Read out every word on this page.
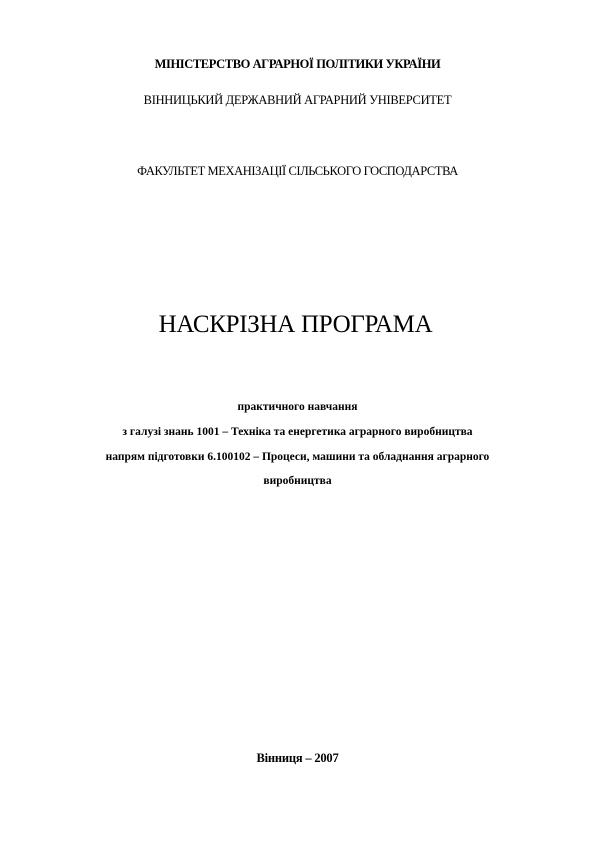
МІНІСТЕРСТВО АГРАРНОЇ ПОЛІТИКИ УКРАЇНИ
ВІННИЦЬКИЙ ДЕРЖАВНИЙ АГРАРНИЙ УНІВЕРСИТЕТ
ФАКУЛЬТЕТ МЕХАНІЗАЦІЇ СІЛЬСЬКОГО ГОСПОДАРСТВА
НАСКРІЗНА ПРОГРАМА
практичного навчання
з галузі знань 1001 – Техніка та енергетика аграрного виробництва
напрям підготовки 6.100102 – Процеси, машини та обладнання аграрного
виробництва
Вінниця – 2007
